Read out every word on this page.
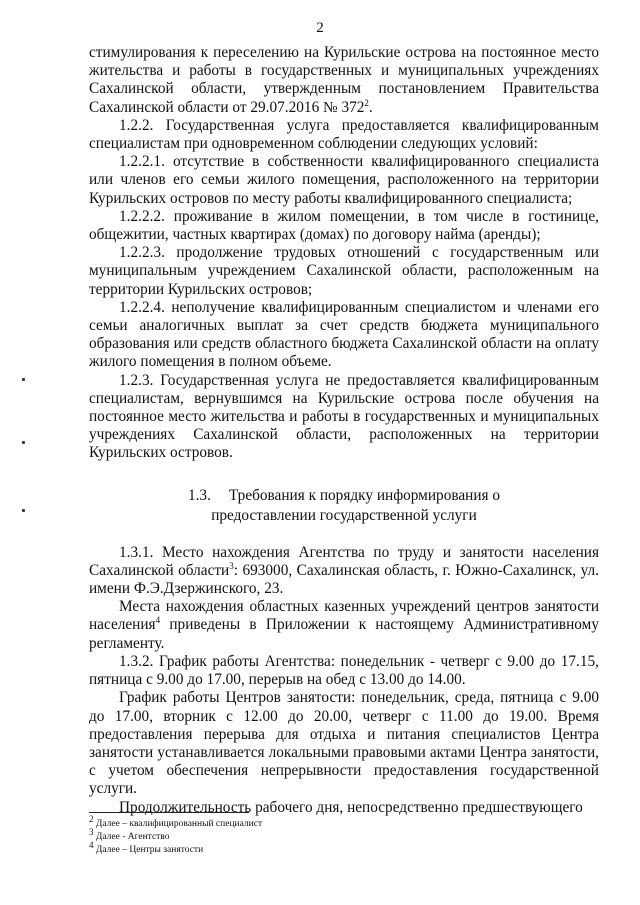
2

стимулирования к переселению на Курильские острова на постоянное место жительства и работы в государственных и муниципальных учреждениях Сахалинской области, утвержденным постановлением Правительства Сахалинской области от 29.07.2016 № $372^2$.

1.2.2. Государственная услуга предоставляется квалифицированным специалистам при одновременном соблюдении следующих условий:

1.2.2.1. отсутствие в собственности квалифицированного специалиста или членов его семьи жилого помещения, расположенного на территории Курильских островов по месту работы квалифицированного специалиста;

1.2.2.2. проживание в жилом помещении, в том числе в гостинице, общежитии, частных квартирах (домах) по договору найма (аренды);

1.2.2.3. продолжение трудовых отношений с государственным или муниципальным учреждением Сахалинской области, расположенным на территории Курильских островов;

1.2.2.4. неполучение квалифицированным специалистом и членами его семьи аналогичных выплат за счет средств бюджета муниципального образования или средств областного бюджета Сахалинской области на оплату жилого помещения в полном объеме.

1.2.3. Государственная услуга не предоставляется квалифицированным специалистам, вернувшимся на Курильские острова после обучения на постоянное место жительства и работы в государственных и муниципальных учреждениях Сахалинской области, расположенных на территории Курильских островов.

1.3. Требования к порядку информирования о
предоставлении государственной услуги

1.3.1. Место нахождения Агентства по труду и занятости населения Сахалинской области$^3$: 693000, Сахалинская область, г. Южно-Сахалинск, ул. имени Ф.Э.Дзержинского, 23.

Места нахождения областных казенных учреждений центров занятости населения$^4$ приведены в Приложении к настоящему Административному регламенту.

1.3.2. График работы Агентства: понедельник - четверг с 9.00 до 17.15, пятница с 9.00 до 17.00, перерыв на обед с 13.00 до 14.00.

График работы Центров занятости: понедельник, среда, пятница с 9.00 до 17.00, вторник с 12.00 до 20.00, четверг с 11.00 до 19.00. Время предоставления перерыва для отдыха и питания специалистов Центра занятости устанавливается локальными правовыми актами Центра занятости, с учетом обеспечения непрерывности предоставления государственной услуги.

Продолжительность рабочего дня, непосредственно предшествующего

$^2$ Далее – квалифицированный специалист
$^3$ Далее - Агентство
$^4$ Далее – Центры занятости
